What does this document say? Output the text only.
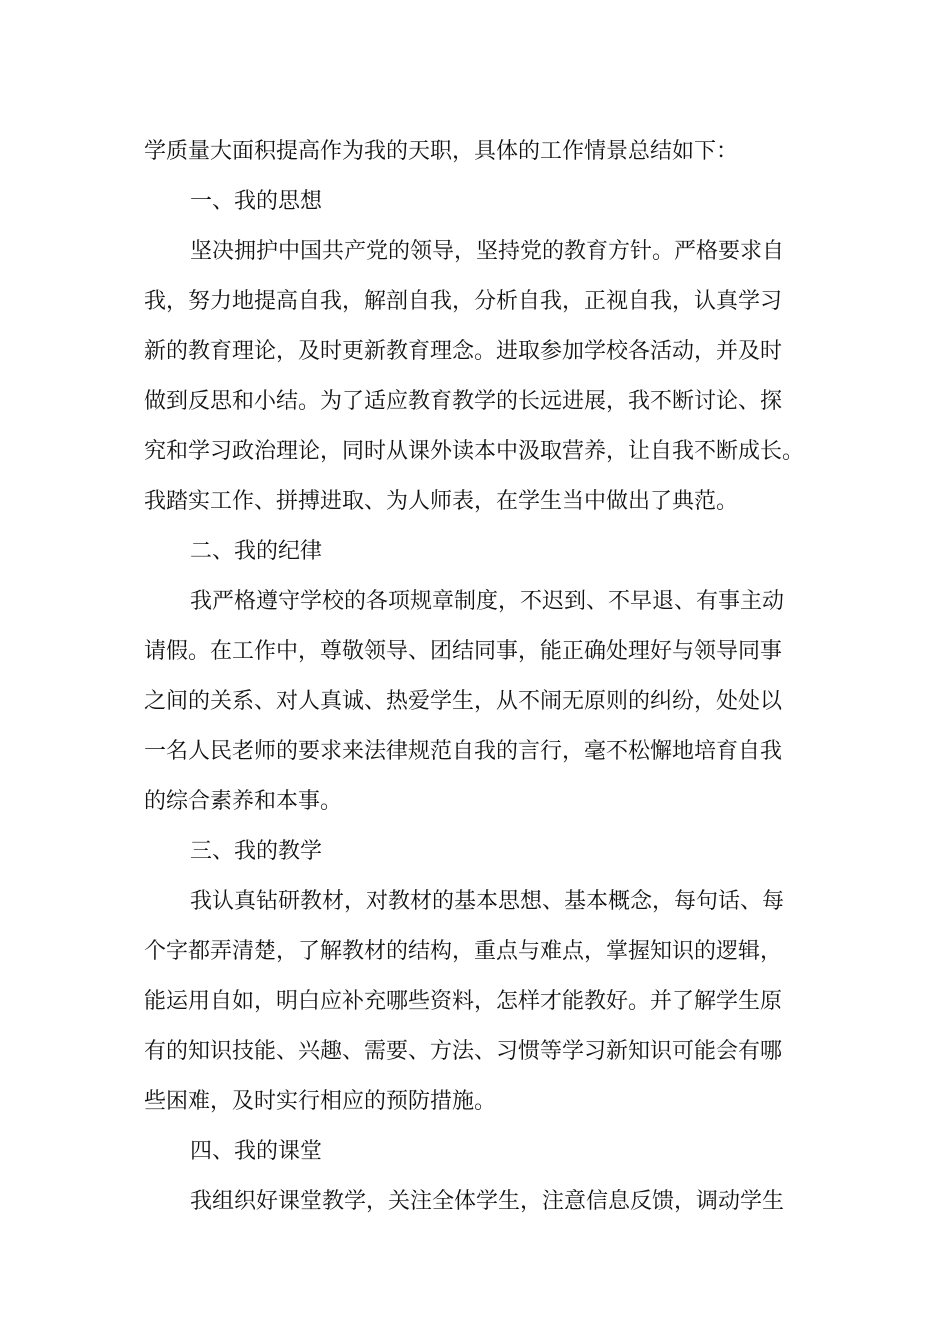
学质量大面积提高作为我的天职，具体的工作情景总结如下：
一、我的思想
坚决拥护中国共产党的领导，坚持党的教育方针。严格要求自
我，努力地提高自我，解剖自我，分析自我，正视自我，认真学习
新的教育理论，及时更新教育理念。进取参加学校各活动，并及时
做到反思和小结。为了适应教育教学的长远进展，我不断讨论、探
究和学习政治理论，同时从课外读本中汲取营养，让自我不断成长。
我踏实工作、拼搏进取、为人师表，在学生当中做出了典范。
二、我的纪律
我严格遵守学校的各项规章制度，不迟到、不早退、有事主动
请假。在工作中，尊敬领导、团结同事，能正确处理好与领导同事
之间的关系、对人真诚、热爱学生，从不闹无原则的纠纷，处处以
一名人民老师的要求来法律规范自我的言行，毫不松懈地培育自我
的综合素养和本事。
三、我的教学
我认真钻研教材，对教材的基本思想、基本概念，每句话、每
个字都弄清楚，了解教材的结构，重点与难点，掌握知识的逻辑，
能运用自如，明白应补充哪些资料，怎样才能教好。并了解学生原
有的知识技能、兴趣、需要、方法、习惯等学习新知识可能会有哪
些困难，及时实行相应的预防措施。
四、我的课堂
我组织好课堂教学，关注全体学生，注意信息反馈，调动学生
